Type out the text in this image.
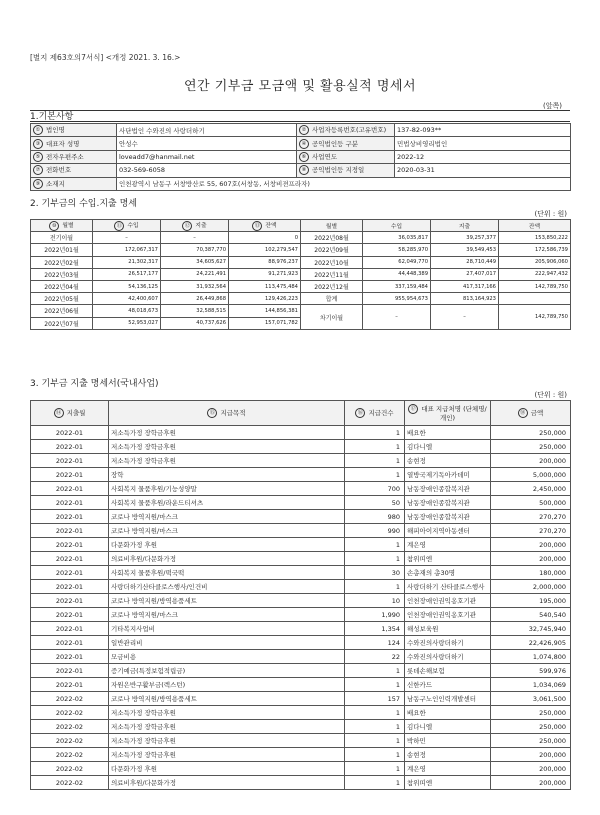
[별지 제63호의7서식] <개정 2021. 3. 16.>
연간 기부금 모금액 및 활용실적 명세서
(앞쪽)
1.기본사항
① 법인명	사단법인 수와진의 사랑더하기	② 사업자등록번호(고유번호)	137-82-093**
③ 대표자 성명	안성수	④ 공익법인등 구분	민법상비영리법인
⑤ 전자우편주소	loveadd7@hanmail.net	⑥ 사업연도	2022-12
⑦ 전화번호	032-569-6058	⑧ 공익법인등 지정일	2020-03-31
⑨ 소재지	인천광역시 남동구 서창방산로 55, 607호(서창동, 서창비젼프라자)		
2. 기부금의 수입.지출 명세
(단위 : 원)
⑩ 월별	⑪ 수입	⑫ 지출	⑬ 잔액	월별	수입	지출	잔액
전기이월	–	–	0	2022년08월	36,035,817	39,257,377	153,850,222
2022년01월	172,067,317	70,387,770	102,279,547	2022년09월	58,285,970	39,549,453	172,586,739
2022년02월	21,302,317	34,605,627	88,976,237	2022년10월	62,049,770	28,710,449	205,906,060
2022년03월	26,517,177	24,221,491	91,271,923	2022년11월	44,448,389	27,407,017	222,947,432
2022년04월	54,136,125	31,932,564	113,475,484	2022년12월	337,159,484	417,317,166	142,789,750
2022년05월	42,400,607	26,449,868	129,426,223	합계	955,954,673	813,164,923	
2022년06월	48,018,673	32,588,515	144,856,381	차기이월	–	–	142,789,750
2022년07월	52,953,027	40,737,626	157,071,782				
3. 기부금 지출 명세서(국내사업)
(단위 : 원)
⑭ 지출월	⑮ 지급목적	⑯ 지급건수	⑰ 대표 지급처명 (단체명/개인)	⑱ 금액
2022-01	저소득가정 장학금후원	1	배요한	250,000
2022-01	저소득가정 장학금후원	1	김다니엘	250,000
2022-01	저소득가정 장학금후원	1	송현정	200,000
2022-01	장학	1	열방국제기독아카데미	5,000,000
2022-01	사회복지 물품후원/기능성양말	700	남동장애인종합복지관	2,450,000
2022-01	사회복지 물품후원/라운드티셔츠	50	남동장애인종합복지관	500,000
2022-01	코로나 방역지원/마스크	980	남동장애인종합복지관	270,270
2022-01	코로나 방역지원/마스크	990	해피아이지역아동센터	270,270
2022-01	다문화가정 후원	1	계은영	200,000
2022-01	의료비후원/다문화가정	1	참위띠엔	200,000
2022-01	사회복지 물품후원/떡국떡	30	손총재의 총30명	180,000
2022-01	사랑더하기산타클로스행사/인건비	1	사랑더하기 산타클로스행사	2,000,000
2022-01	코로나 방역지원/방역용품세트	10	인천장애인권익옹호기관	195,000
2022-01	코로나 방역지원/마스크	1,990	인천장애인권익옹호기관	540,540
2022-01	기타복지사업비	1,354	해성보육원	32,745,940
2022-01	일반관리비	124	수와진의사랑더하기	22,426,905
2022-01	모금비용	22	수와진의사랑더하기	1,074,800
2022-01	증기예금(특정보험적립금)	1	롯데손해보험	599,976
2022-01	자원은반구활부금(렉스턴)	1	신한카드	1,034,069
2022-02	코로나 방역지원/방역용품세트	157	남동구노인인력개발센터	3,061,500
2022-02	저소득가정 장학금후원	1	배요한	250,000
2022-02	저소득가정 장학금후원	1	김다니엘	250,000
2022-02	저소득가정 장학금후원	1	박하민	250,000
2022-02	저소득가정 장학금후원	1	송현정	200,000
2022-02	다문화가정 후원	1	계은영	200,000
2022-02	의료비후원/다문화가정	1	참위띠엔	200,000
